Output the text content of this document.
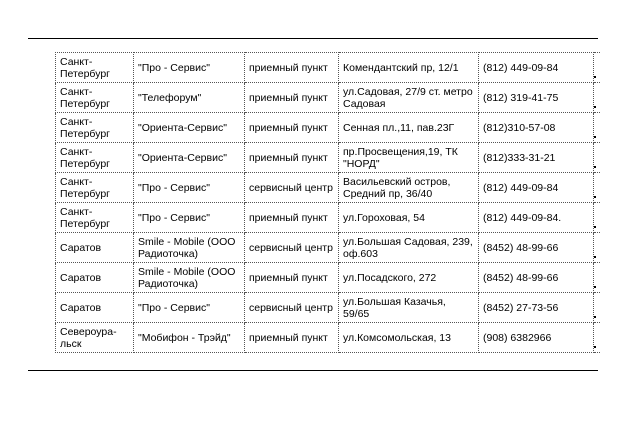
Санкт-Петербург	"Про - Сервис"	приемный пункт	Комендантский пр, 12/1	(812) 449-09-84	

Санкт-Петербург	"Телефорум"	приемный пункт	ул.Садовая, 27/9 ст. метро Садовая	(812) 319-41-75	

Санкт-Петербург	"Ориента-Сервис"	приемный пункт	Сенная пл.,11, пав.23Г	(812)310-57-08	

Санкт-Петербург	"Ориента-Сервис"	приемный пункт	пр.Просвещения,19, ТК "НОРД"	(812)333-31-21	

Санкт-Петербург	"Про - Сервис"	сервисный центр	Васильевский остров, Средний пр, 36/40	(812) 449-09-84	

Санкт-Петербург	"Про - Сервис"	приемный пункт	ул.Гороховая, 54	(812) 449-09-84.	

Саратов	Smile - Mobile (ООО Радиоточка)	сервисный центр	ул.Большая Садовая, 239, оф.603	(8452) 48-99-66	

Саратов	Smile - Mobile (ООО Радиоточка)	приемный пункт	ул.Посадского, 272	(8452) 48-99-66	

Саратов	"Про - Сервис"	сервисный центр	ул.Большая Казачья, 59/65	(8452) 27-73-56	

Североура-льск	"Мобифон - Трэйд"	приемный пункт	ул.Комсомольская, 13	(908) 6382966	
